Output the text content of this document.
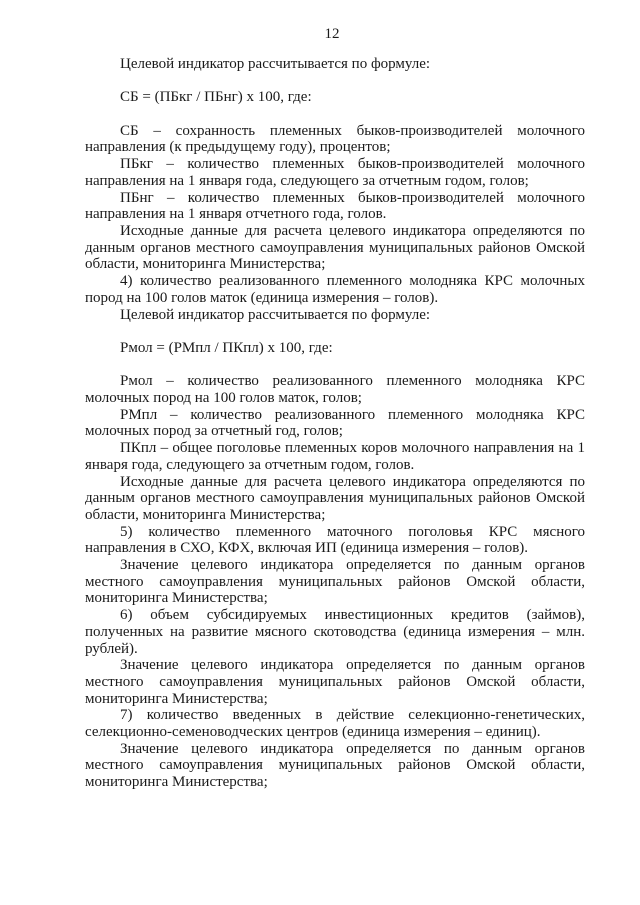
12

Целевой индикатор рассчитывается по формуле:

СБ = (ПБкг / ПБнг) x 100, где:

СБ – сохранность племенных быков-производителей молочного направления (к предыдущему году), процентов;

ПБкг – количество племенных быков-производителей молочного направления на 1 января года, следующего за отчетным годом, голов;

ПБнг – количество племенных быков-производителей молочного направления на 1 января отчетного года, голов.

Исходные данные для расчета целевого индикатора определяются по данным органов местного самоуправления муниципальных районов Омской области, мониторинга Министерства;

4) количество реализованного племенного молодняка КРС молочных пород на 100 голов маток (единица измерения – голов).

Целевой индикатор рассчитывается по формуле:

Рмол = (РМпл / ПКпл) x 100, где:

Рмол – количество реализованного племенного молодняка КРС молочных пород на 100 голов маток, голов;

РМпл – количество реализованного племенного молодняка КРС молочных пород за отчетный год, голов;

ПКпл – общее поголовье племенных коров молочного направления на 1 января года, следующего за отчетным годом, голов.

Исходные данные для расчета целевого индикатора определяются по данным органов местного самоуправления муниципальных районов Омской области, мониторинга Министерства;

5) количество племенного маточного поголовья КРС мясного направления в СХО, КФХ, включая ИП (единица измерения – голов).

Значение целевого индикатора определяется по данным органов местного самоуправления муниципальных районов Омской области, мониторинга Министерства;

6) объем субсидируемых инвестиционных кредитов (займов), полученных на развитие мясного скотоводства (единица измерения – млн. рублей).

Значение целевого индикатора определяется по данным органов местного самоуправления муниципальных районов Омской области, мониторинга Министерства;

7) количество введенных в действие селекционно-генетических, селекционно-семеноводческих центров (единица измерения – единиц).

Значение целевого индикатора определяется по данным органов местного самоуправления муниципальных районов Омской области, мониторинга Министерства;
